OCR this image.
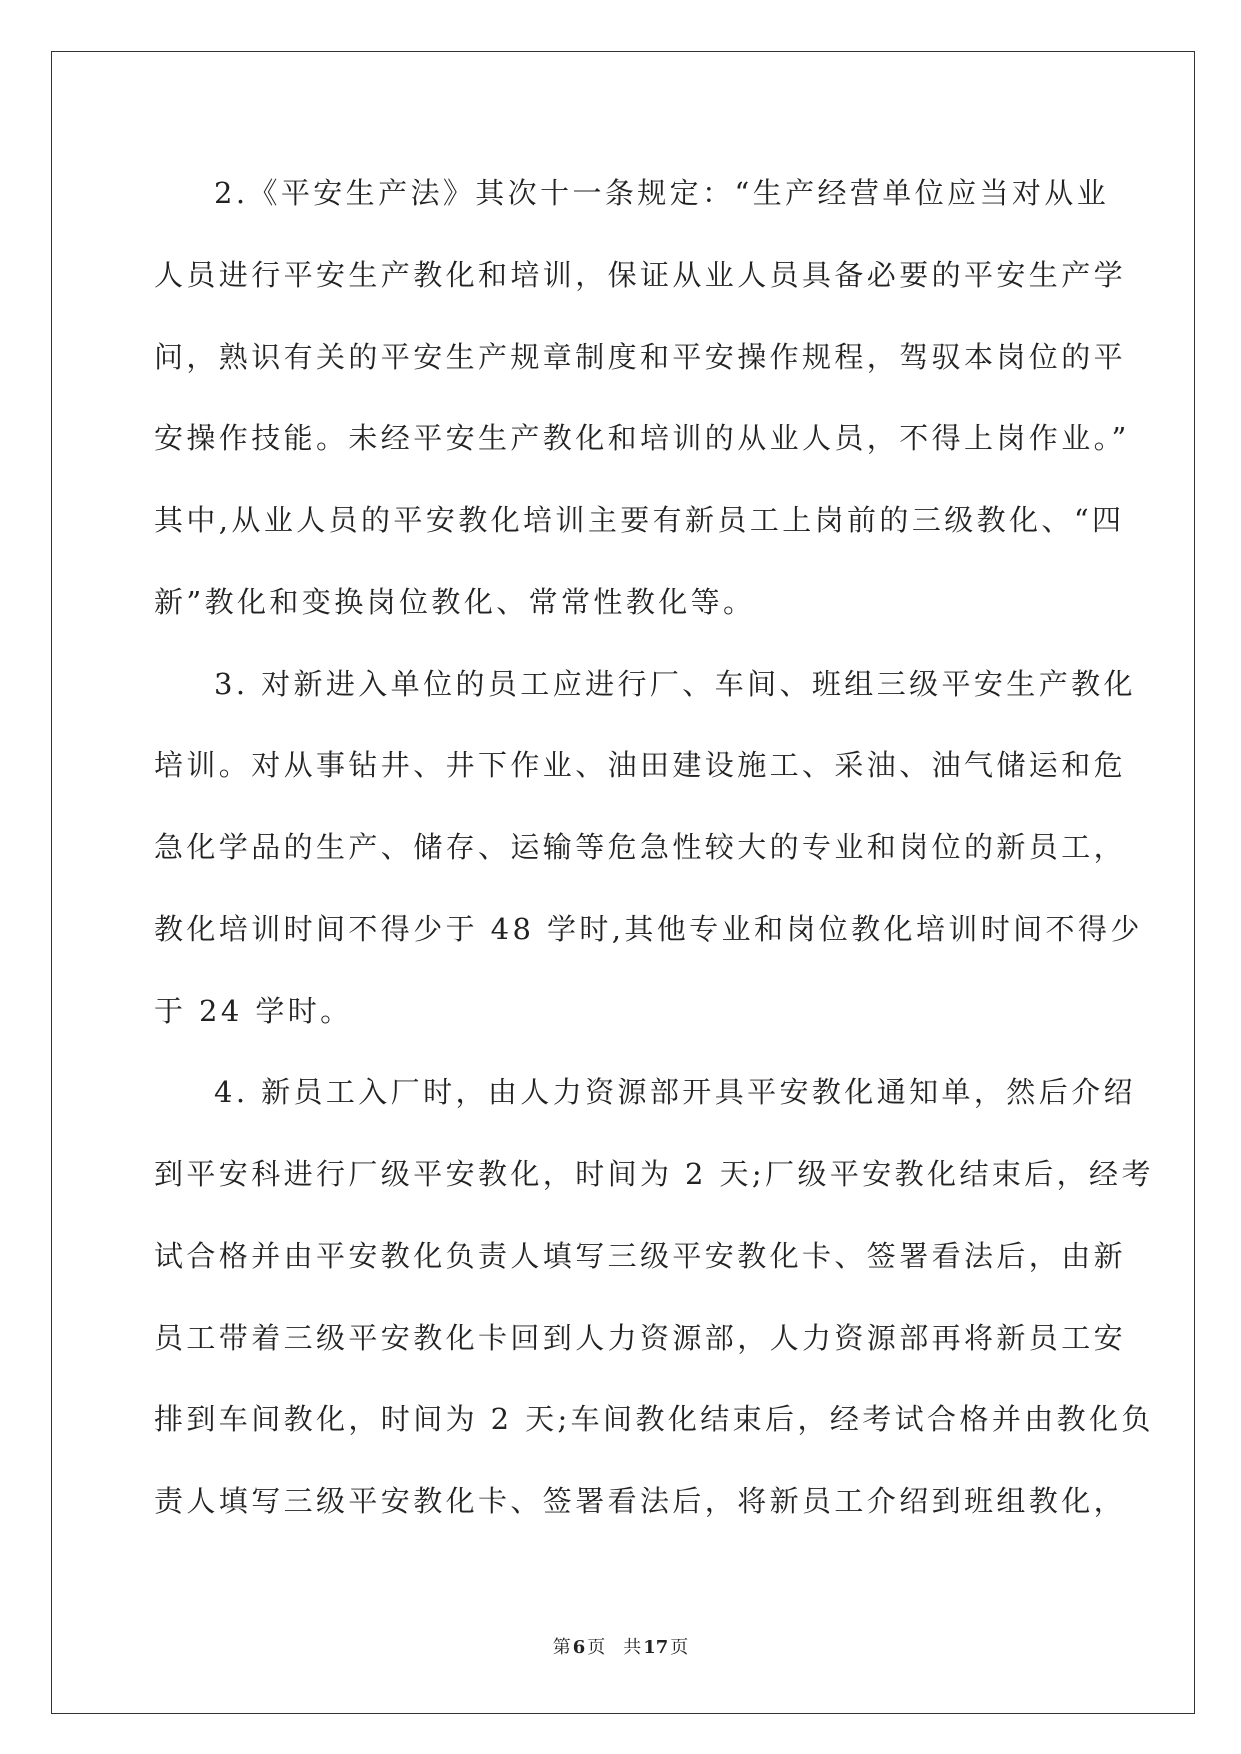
2.《平安生产法》其次十一条规定：“生产经营单位应当对从业
人员进行平安生产教化和培训，保证从业人员具备必要的平安生产学
问，熟识有关的平安生产规章制度和平安操作规程，驾驭本岗位的平
安操作技能。未经平安生产教化和培训的从业人员，不得上岗作业。”
其中,从业人员的平安教化培训主要有新员工上岗前的三级教化、“四
新”教化和变换岗位教化、常常性教化等。
3. 对新进入单位的员工应进行厂、车间、班组三级平安生产教化
培训。对从事钻井、井下作业、油田建设施工、采油、油气储运和危
急化学品的生产、储存、运输等危急性较大的专业和岗位的新员工，
教化培训时间不得少于 48 学时,其他专业和岗位教化培训时间不得少
于 24 学时。
4. 新员工入厂时，由人力资源部开具平安教化通知单，然后介绍
到平安科进行厂级平安教化，时间为 2 天;厂级平安教化结束后，经考
试合格并由平安教化负责人填写三级平安教化卡、签署看法后，由新
员工带着三级平安教化卡回到人力资源部，人力资源部再将新员工安
排到车间教化，时间为 2 天;车间教化结束后，经考试合格并由教化负
责人填写三级平安教化卡、签署看法后，将新员工介绍到班组教化，
第 6 页 共 17 页
